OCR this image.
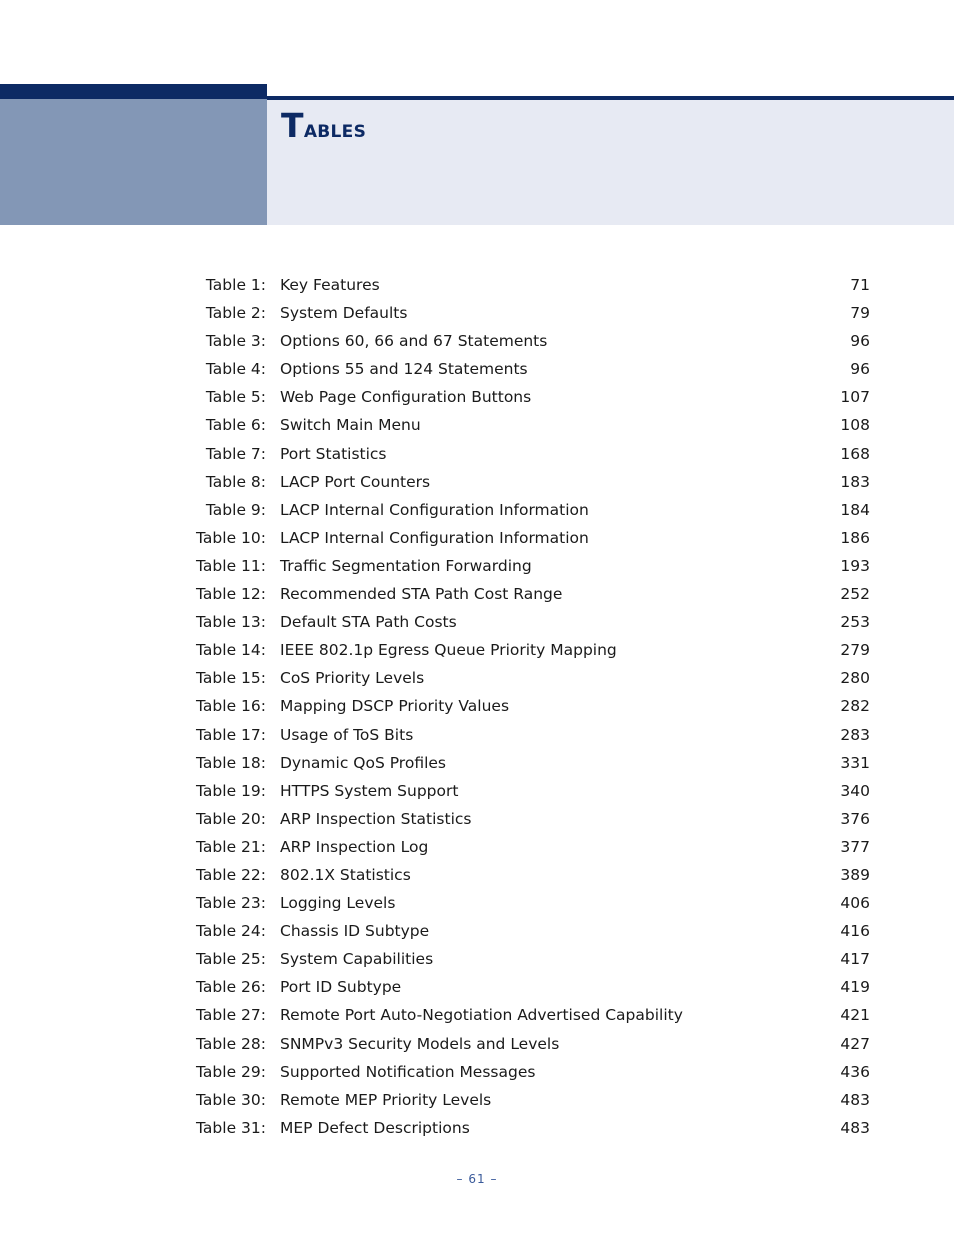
Tables
Table 1: Key Features	71
Table 2: System Defaults	79
Table 3: Options 60, 66 and 67 Statements	96
Table 4: Options 55 and 124 Statements	96
Table 5: Web Page Configuration Buttons	107
Table 6: Switch Main Menu	108
Table 7: Port Statistics	168
Table 8: LACP Port Counters	183
Table 9: LACP Internal Configuration Information	184
Table 10: LACP Internal Configuration Information	186
Table 11: Traffic Segmentation Forwarding	193
Table 12: Recommended STA Path Cost Range	252
Table 13: Default STA Path Costs	253
Table 14: IEEE 802.1p Egress Queue Priority Mapping	279
Table 15: CoS Priority Levels	280
Table 16: Mapping DSCP Priority Values	282
Table 17: Usage of ToS Bits	283
Table 18: Dynamic QoS Profiles	331
Table 19: HTTPS System Support	340
Table 20: ARP Inspection Statistics	376
Table 21: ARP Inspection Log	377
Table 22: 802.1X Statistics	389
Table 23: Logging Levels	406
Table 24: Chassis ID Subtype	416
Table 25: System Capabilities	417
Table 26: Port ID Subtype	419
Table 27: Remote Port Auto-Negotiation Advertised Capability	421
Table 28: SNMPv3 Security Models and Levels	427
Table 29: Supported Notification Messages	436
Table 30: Remote MEP Priority Levels	483
Table 31: MEP Defect Descriptions	483
– 61 –
